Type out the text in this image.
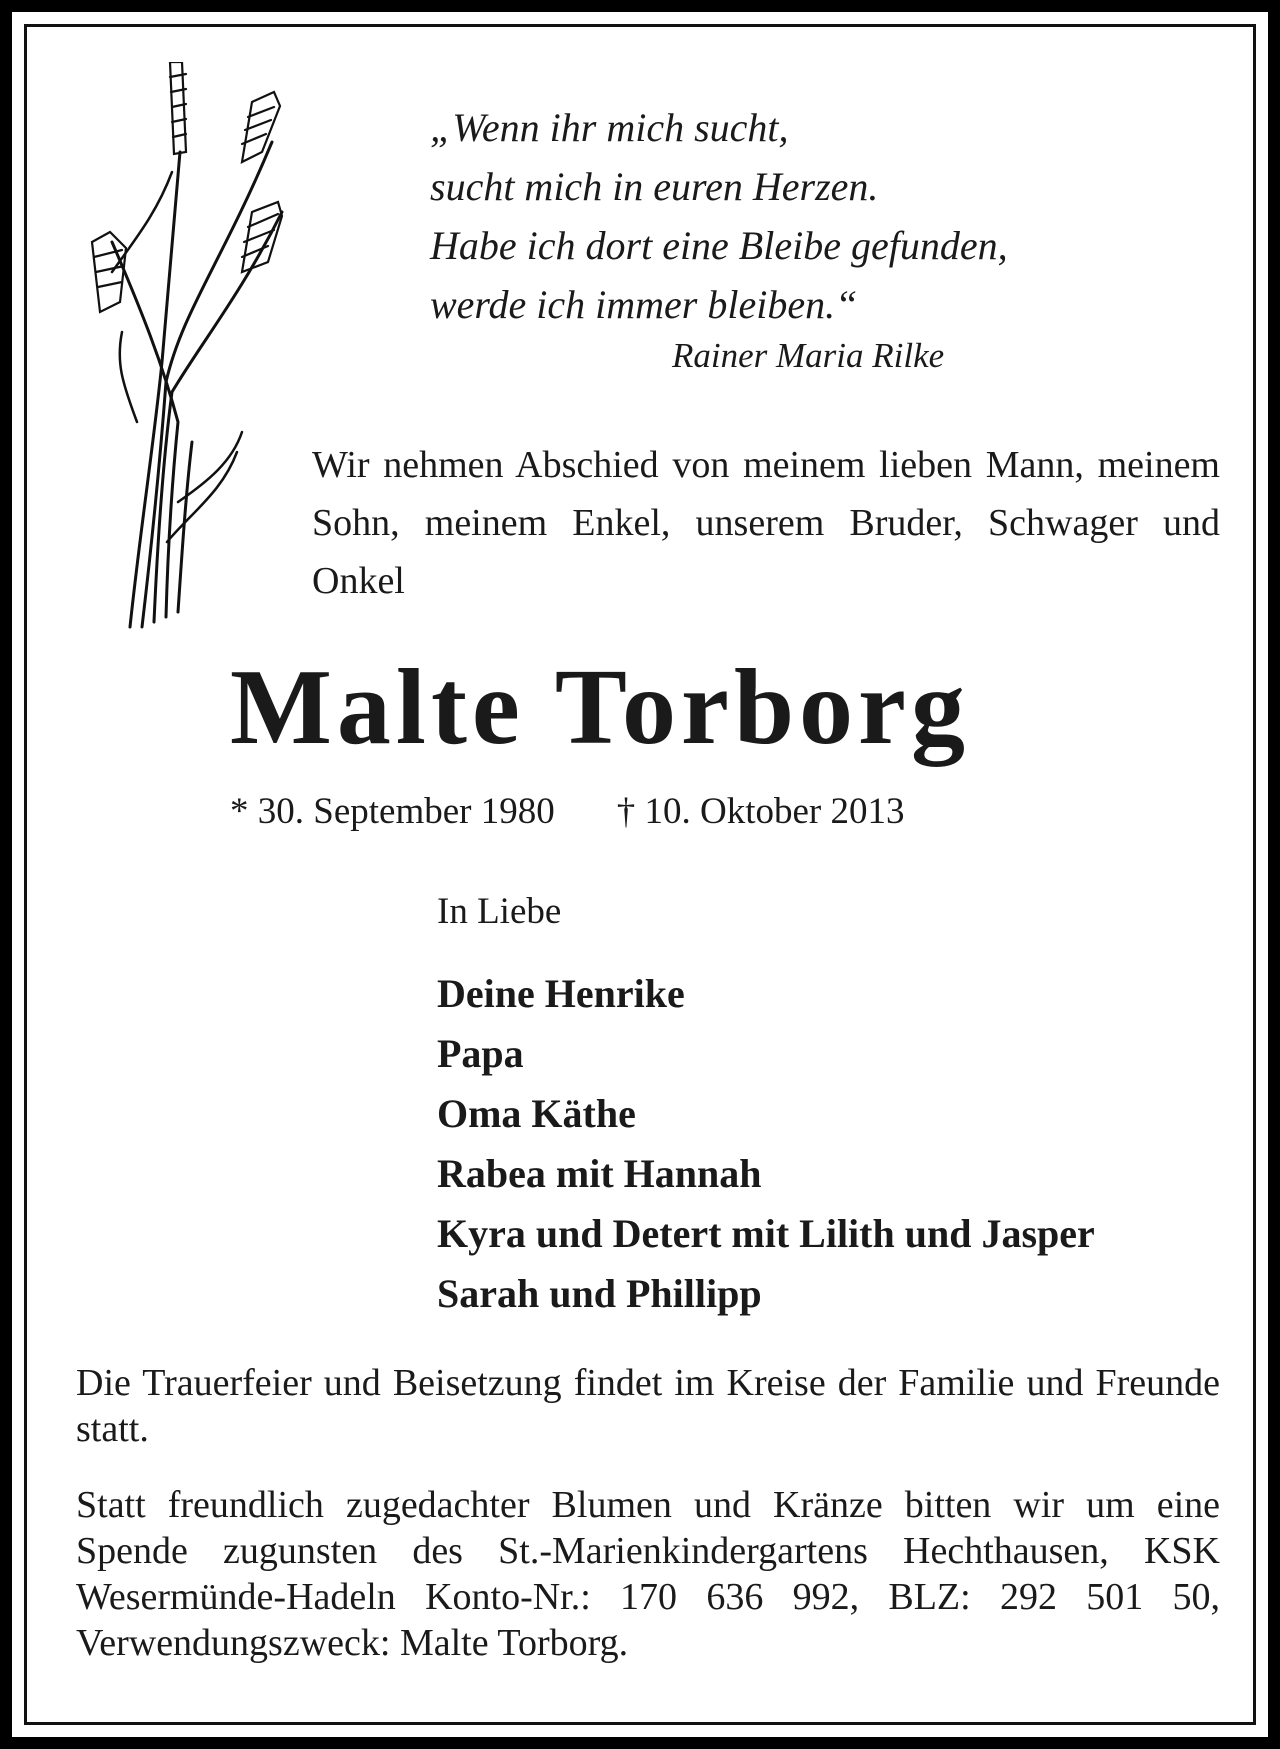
„Wenn ihr mich sucht,
sucht mich in euren Herzen.
Habe ich dort eine Bleibe gefunden,
werde ich immer bleiben.“
Rainer Maria Rilke
Wir nehmen Abschied von meinem lieben Mann, meinem Sohn, meinem Enkel, unserem Bruder, Schwager und Onkel
Malte Torborg
* 30. September 1980 † 10. Oktober 2013
In Liebe
Deine Henrike
Papa
Oma Käthe
Rabea mit Hannah
Kyra und Detert mit Lilith und Jasper
Sarah und Phillipp
Die Trauerfeier und Beisetzung findet im Kreise der Familie und Freunde statt.
Statt freundlich zugedachter Blumen und Kränze bitten wir um eine Spende zugunsten des St.-Marienkindergartens Hechthausen, KSK Wesermünde-Hadeln Konto-Nr.: 170 636 992, BLZ: 292 501 50, Verwendungszweck: Malte Torborg.
